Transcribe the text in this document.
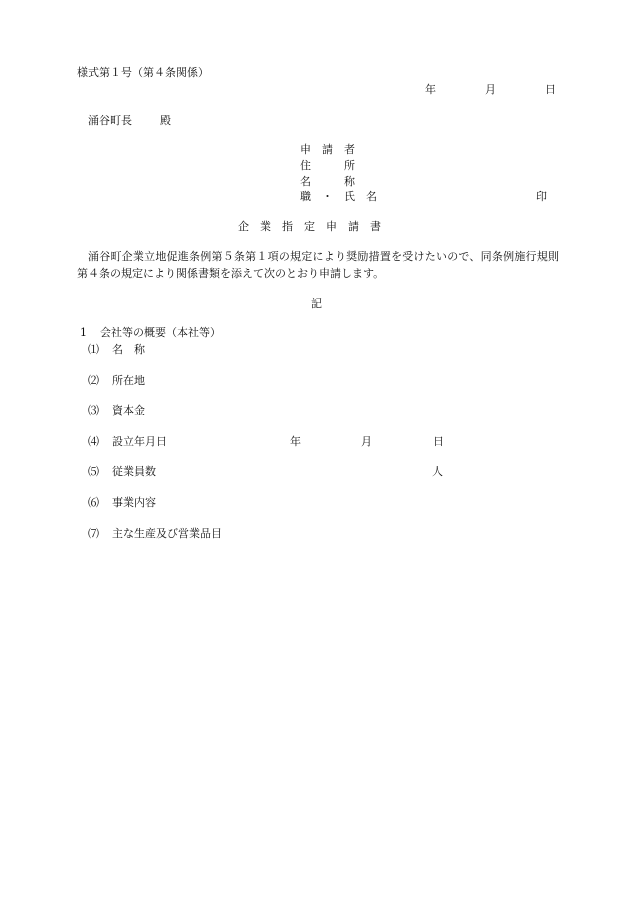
様式第１号（第４条関係）
年	月	日
涌谷町長	殿
申　請　者
住　　　所
名　　　称
職　・　氏　名	印
企　業　指　定　申　請　書
涌谷町企業立地促進条例第５条第１項の規定により奨励措置を受けたいので、同条例施行規則第４条の規定により関係書類を添えて次のとおり申請します。
記
1 会社等の概要（本社等）
⑴ 名　称
⑵ 所在地
⑶ 資本金
⑷ 設立年月日	年	月	日
⑸ 従業員数	人
⑹ 事業内容
⑺ 主な生産及び営業品目
